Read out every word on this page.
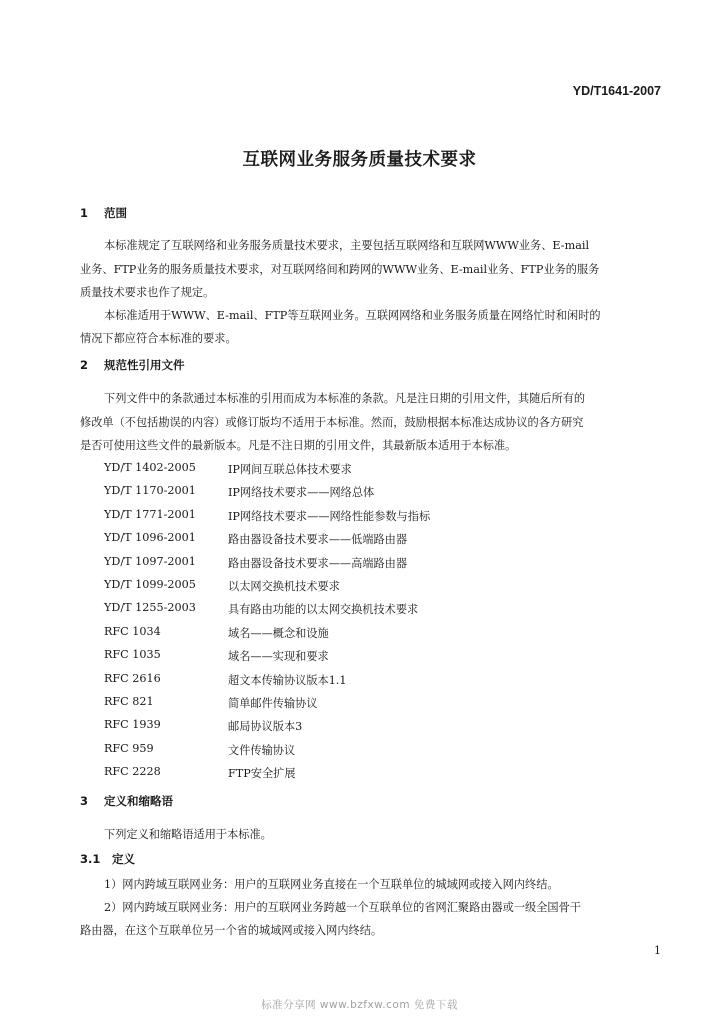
YD/T1641-2007
互联网业务服务质量技术要求
1 范围
本标准规定了互联网络和业务服务质量技术要求，主要包括互联网络和互联网WWW业务、E-mail
业务、FTP业务的服务质量技术要求，对互联网络间和跨网的WWW业务、E-mail业务、FTP业务的服务
质量技术要求也作了规定。
本标准适用于WWW、E-mail、FTP等互联网业务。互联网网络和业务服务质量在网络忙时和闲时的
情况下都应符合本标准的要求。
2 规范性引用文件
下列文件中的条款通过本标准的引用而成为本标准的条款。凡是注日期的引用文件，其随后所有的
修改单（不包括勘误的内容）或修订版均不适用于本标准。然而，鼓励根据本标准达成协议的各方研究
是否可使用这些文件的最新版本。凡是不注日期的引用文件，其最新版本适用于本标准。
YD/T 1402-2005	IP网间互联总体技术要求
YD/T 1170-2001	IP网络技术要求——网络总体
YD/T 1771-2001	IP网络技术要求——网络性能参数与指标
YD/T 1096-2001	路由器设备技术要求——低端路由器
YD/T 1097-2001	路由器设备技术要求——高端路由器
YD/T 1099-2005	以太网交换机技术要求
YD/T 1255-2003	具有路由功能的以太网交换机技术要求
RFC 1034	域名——概念和设施
RFC 1035	域名——实现和要求
RFC 2616	超文本传输协议版本1.1
RFC 821	简单邮件传输协议
RFC 1939	邮局协议版本3
RFC 959	文件传输协议
RFC 2228	FTP安全扩展
3 定义和缩略语
下列定义和缩略语适用于本标准。
3.1 定义
1）网内跨域互联网业务：用户的互联网业务直接在一个互联单位的城域网或接入网内终结。
2）网内跨域互联网业务：用户的互联网业务跨越一个互联单位的省网汇聚路由器或一级全国骨干
路由器，在这个互联单位另一个省的城域网或接入网内终结。
1
标准分享网 www.bzfxw.com 免费下载
